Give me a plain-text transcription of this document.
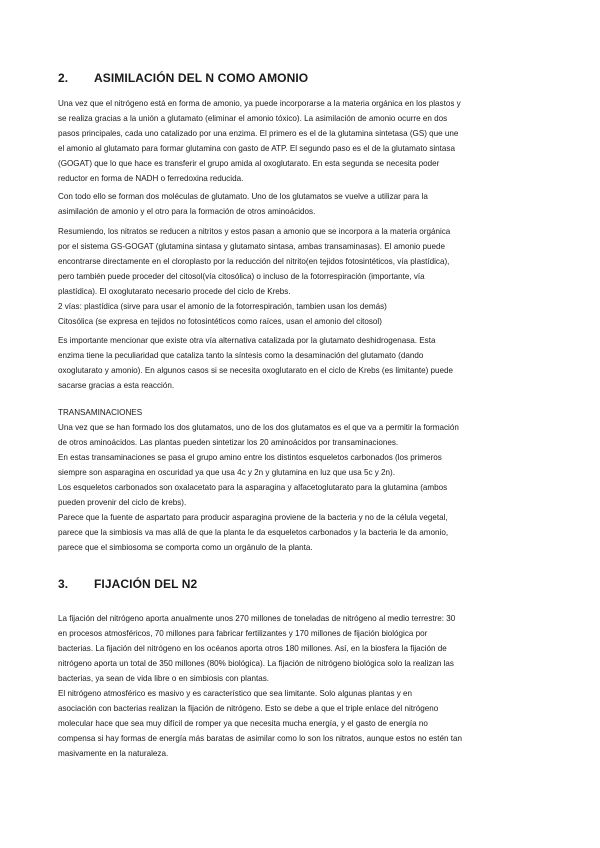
2. ASIMILACIÓN DEL N COMO AMONIO
Una vez que el nitrógeno está en forma de amonio, ya puede incorporarse a la materia orgánica en los plastos y
se realiza gracias a la unión a glutamato (eliminar el amonio tóxico). La asimilación de amonio ocurre en dos
pasos principales, cada uno catalizado por una enzima. El primero es el de la glutamina sintetasa (GS) que une
el amonio al glutamato para formar glutamina con gasto de ATP. El segundo paso es el de la glutamato sintasa
(GOGAT) que lo que hace es transferir el grupo amida al oxoglutarato. En esta segunda se necesita poder
reductor en forma de NADH o ferredoxina reducida.
Con todo ello se forman dos moléculas de glutamato. Uno de los glutamatos se vuelve a utilizar para la
asimilación de amonio y el otro para la formación de otros aminoácidos.
Resumiendo, los nitratos se reducen a nitritos y estos pasan a amonio que se incorpora a la materia orgánica
por el sistema GS-GOGAT (glutamina sintasa y glutamato sintasa, ambas transaminasas). El amonio puede
encontrarse directamente en el cloroplasto por la reducción del nitrito(en tejidos fotosintéticos, vía plastídica),
pero también puede proceder del citosol(vía citosólica) o incluso de la fotorrespiración (importante, vía
plastídica). El oxoglutarato necesario procede del ciclo de Krebs.
2 vías: plastídica (sirve para usar el amonio de la fotorrespiración, tambien usan los demás)
Citosólica (se expresa en tejidos no fotosintéticos como raíces, usan el amonio del citosol)
Es importante mencionar que existe otra vía alternativa catalizada por la glutamato deshidrogenasa. Esta
enzima tiene la peculiaridad que cataliza tanto la síntesis como la desaminación del glutamato (dando
oxoglutarato y amonio). En algunos casos si se necesita oxoglutarato en el ciclo de Krebs (es limitante) puede
sacarse gracias a esta reacción.
TRANSAMINACIONES
Una vez que se han formado los dos glutamatos, uno de los dos glutamatos es el que va a permitir la formación
de otros aminoácidos. Las plantas pueden sintetizar los 20 aminoácidos por transaminaciones.
En estas transaminaciones se pasa el grupo amino entre los distintos esqueletos carbonados (los primeros
siempre son asparagina en oscuridad ya que usa 4c y 2n y glutamina en luz que usa 5c y 2n).
Los esqueletos carbonados son oxalacetato para la asparagina y alfacetoglutarato para la glutamina (ambos
pueden provenir del ciclo de krebs).
Parece que la fuente de aspartato para producir asparagina proviene de la bacteria y no de la célula vegetal,
parece que la simbiosis va mas allá de que la planta le da esqueletos carbonados y la bacteria le da amonio,
parece que el simbiosoma se comporta como un orgánulo de la planta.
3. FIJACIÓN DEL N2
La fijación del nitrógeno aporta anualmente unos 270 millones de toneladas de nitrógeno al medio terrestre: 30
en procesos atmosféricos, 70 millones para fabricar fertilizantes y 170 millones de fijación biológica por
bacterias. La fijación del nitrógeno en los océanos aporta otros 180 millones. Así, en la biosfera la fijación de
nitrógeno aporta un total de 350 millones (80% biológica). La fijación de nitrógeno biológica solo la realizan las
bacterias, ya sean de vida libre o en simbiosis con plantas.
El nitrógeno atmosférico es masivo y es característico que sea limitante. Solo algunas plantas y en
asociación con bacterias realizan la fijación de nitrógeno. Esto se debe a que el triple enlace del nitrógeno
molecular hace que sea muy difícil de romper ya que necesita mucha energía, y el gasto de energía no
compensa si hay formas de energía más baratas de asimilar como lo son los nitratos, aunque estos no estén tan
masivamente en la naturaleza.
